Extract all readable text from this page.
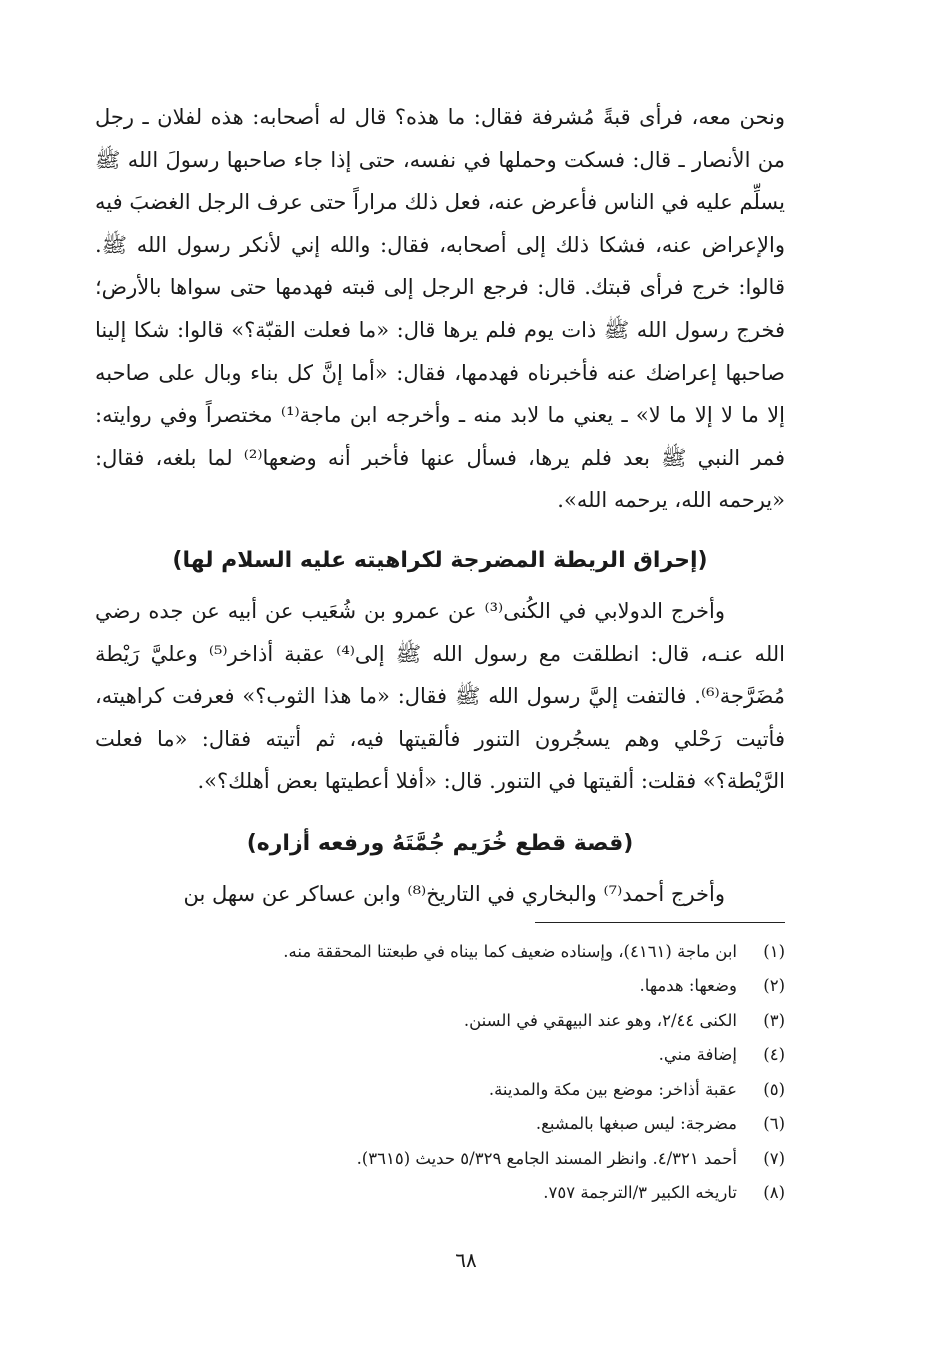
ونحن معه، فرأى قبةً مُشرفة فقال: ما هذه؟ قال له أصحابه: هذه لفلان ـ رجل من الأنصار ـ قال: فسكت وحملها في نفسه، حتى إذا جاء صاحبها رسولَ الله ﷺ يسلِّم عليه في الناس فأعرض عنه، فعل ذلك مراراً حتى عرف الرجل الغضبَ فيه والإعراض عنه، فشكا ذلك إلى أصحابه، فقال: والله إني لأنكر رسول الله ﷺ. قالوا: خرج فرأى قبتك. قال: فرجع الرجل إلى قبته فهدمها حتى سواها بالأرض؛ فخرج رسول الله ﷺ ذات يوم فلم يرها قال: «ما فعلت القبّة؟» قالوا: شكا إلينا صاحبها إعراضك عنه فأخبرناه فهدمها، فقال: «أما إنَّ كل بناء وبال على صاحبه إلا ما لا إلا ما لا» ـ يعني ما لابد منه ـ وأخرجه ابن ماجة⁽¹⁾ مختصراً وفي روايته: فمر النبي ﷺ بعد فلم يرها، فسأل عنها فأخبر أنه وضعها⁽²⁾ لما بلغه، فقال: «يرحمه الله، يرحمه الله».

(إحراق الريطة المضرجة لكراهيته عليه السلام لها)

وأخرج الدولابي في الكُنى⁽³⁾ عن عمرو بن شُعَيب عن أبيه عن جده رضي الله عنـه، قال: انطلقت مع رسول الله ﷺ إلى⁽⁴⁾ عقبة أذاخر⁽⁵⁾ وعليَّ رَيْطة مُضَرَّجة⁽⁶⁾. فالتفت إليَّ رسول الله ﷺ فقال: «ما هذا الثوب؟» فعرفت كراهيته، فأتيت رَحْلي وهم يسجُرون التنور فألقيتها فيه، ثم أتيته فقال: «ما فعلت الرَّيْطة؟» فقلت: ألقيتها في التنور. قال: «أفلا أعطيتها بعض أهلك؟».

(قصة قطع خُرَيم جُمَّتَهُ ورفعه أزاره)

وأخرج أحمد⁽⁷⁾ والبخاري في التاريخ⁽⁸⁾ وابن عساكر عن سهل بن

(١)
ابن ماجة (٤١٦١)، وإسناده ضعيف كما بيناه في طبعتنا المحققة منه.
(٢)
وضعها: هدمها.
(٣)
الكنى ٢/٤٤، وهو عند البيهقي في السنن.
(٤)
إضافة مني.
(٥)
عقبة أذاخر: موضع بين مكة والمدينة.
(٦)
مضرجة: ليس صبغها بالمشبع.
(٧)
أحمد ٤/٣٢١. وانظر المسند الجامع ٥/٣٢٩ حديث (٣٦١٥).
(٨)
تاريخه الكبير ٣/الترجمة ٧٥٧.
٦٨
